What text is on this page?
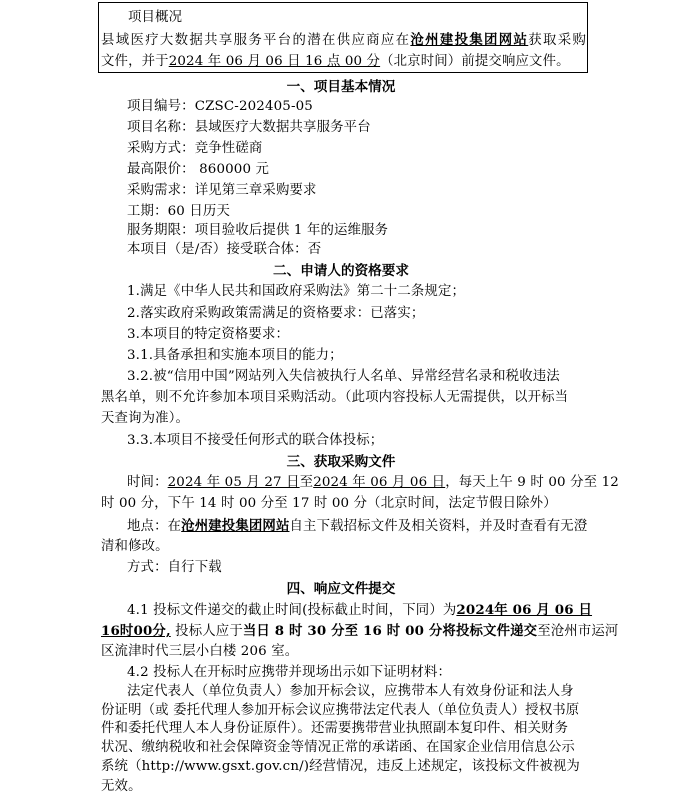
项目概况
县域医疗大数据共享服务平台的潜在供应商应在沧州建投集团网站获取采购
文件，并于2024 年 06 月 06 日 16 点 00 分（北京时间）前提交响应文件。
一、项目基本情况
项目编号：CZSC-202405-05
项目名称：县域医疗大数据共享服务平台
采购方式：竞争性磋商
最高限价： 860000 元
采购需求：详见第三章采购要求
工期：60 日历天
服务期限：项目验收后提供 1 年的运维服务
本项目（是/否）接受联合体：否
二、申请人的资格要求
1.满足《中华人民共和国政府采购法》第二十二条规定；
2.落实政府采购政策需满足的资格要求：已落实；
3.本项目的特定资格要求：
3.1.具备承担和实施本项目的能力；
3.2.被“信用中国”网站列入失信被执行人名单、异常经营名录和税收违法
黑名单，则不允许参加本项目采购活动。（此项内容投标人无需提供，以开标当
天查询为准）。
3.3.本项目不接受任何形式的联合体投标；
三、获取采购文件
时间：2024 年 05 月 27 日至2024 年 06 月 06 日，每天上午 9 时 00 分至 12
时 00 分，下午 14 时 00 分至 17 时 00 分（北京时间，法定节假日除外）
地点：在沧州建投集团网站自主下载招标文件及相关资料，并及时查看有无澄
清和修改。
方式：自行下载
四、响应文件提交
4.1 投标文件递交的截止时间(投标截止时间，下同）为2024年 06 月 06 日
16时00分, 投标人应于当日 8 时 30 分至 16 时 00 分将投标文件递交至沧州市运河
区流津时代三层小白楼 206 室。
4.2 投标人在开标时应携带并现场出示如下证明材料：
法定代表人（单位负责人）参加开标会议，应携带本人有效身份证和法人身
份证明（或 委托代理人参加开标会议应携带法定代表人（单位负责人）授权书原
件和委托代理人本人身份证原件）。还需要携带营业执照副本复印件、相关财务
状况、缴纳税收和社会保障资金等情况正常的承诺函、在国家企业信用信息公示
系统（http://www.gsxt.gov.cn/)经营情况，违反上述规定，该投标文件被视为
无效。
